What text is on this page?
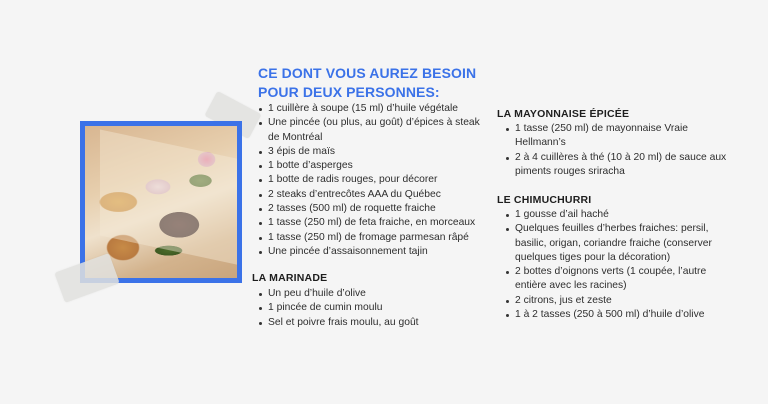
CE DONT VOUS AUREZ BESOIN
POUR DEUX PERSONNES:
1 cuillère à soupe (15 ml) d’huile végétale
Une pincée (ou plus, au goût) d’épices à steak de Montréal
3 épis de maïs
1 botte d’asperges
1 botte de radis rouges, pour décorer
2 steaks d’entrecôtes AAA du Québec
2 tasses (500 ml) de roquette fraiche
1 tasse (250 ml) de feta fraiche, en morceaux
1 tasse (250 ml) de fromage parmesan râpé
Une pincée d’assaisonnement tajin
LA MARINADE
Un peu d’huile d’olive
1 pincée de cumin moulu
Sel et poivre frais moulu, au goût
LA MAYONNAISE ÉPICÉE
1 tasse (250 ml) de mayonnaise Vraie Hellmann’s
2 à 4 cuillères à thé (10 à 20 ml) de sauce aux piments rouges sriracha
LE CHIMUCHURRI
1 gousse d’ail haché
Quelques feuilles d’herbes fraiches: persil, basilic, origan, coriandre fraiche (conserver quelques tiges pour la décoration)
2 bottes d’oignons verts (1 coupée, l’autre entière avec les racines)
2 citrons, jus et zeste
1 à 2 tasses (250 à 500 ml) d’huile d’olive
